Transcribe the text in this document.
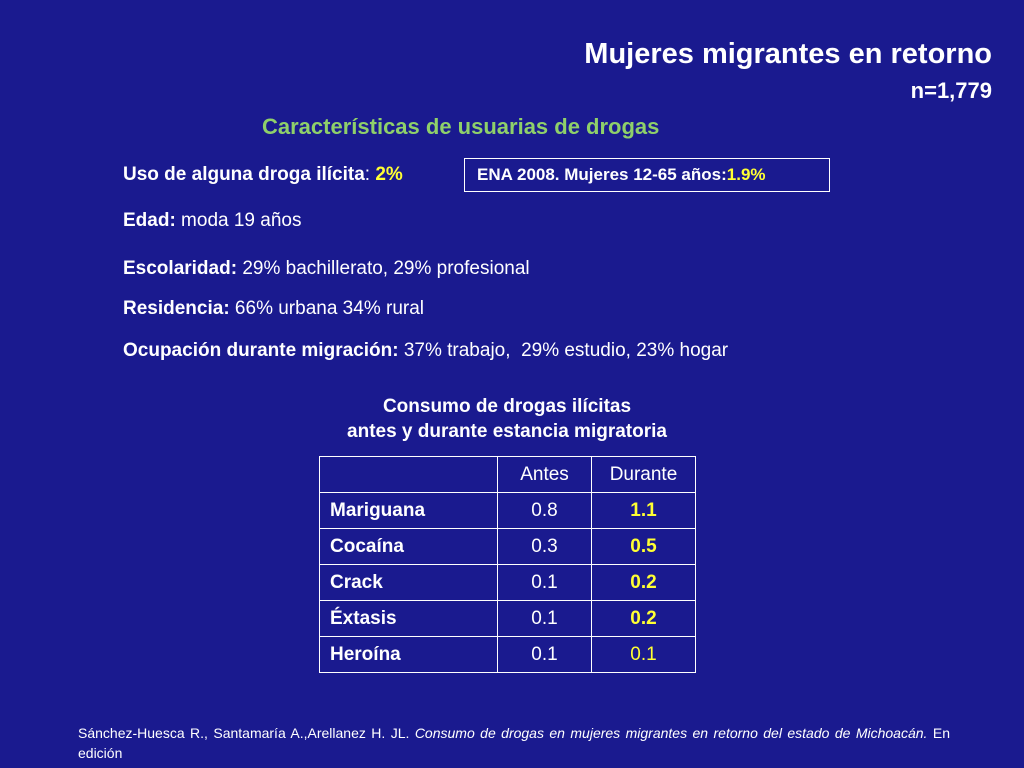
Mujeres migrantes en retorno
n=1,779
Características de usuarias de drogas
Uso de alguna droga ilícita: 2%	ENA 2008. Mujeres 12-65 años: 1.9%
Edad: moda 19 años
Escolaridad: 29% bachillerato, 29% profesional
Residencia: 66% urbana 34% rural
Ocupación durante migración: 37% trabajo,  29% estudio, 23% hogar
Consumo de drogas ilícitas
antes y durante estancia migratoria
	Antes	Durante
Mariguana	0.8	1.1
Cocaína	0.3	0.5
Crack	0.1	0.2
Éxtasis	0.1	0.2
Heroína	0.1	0.1
Sánchez-Huesca R., Santamaría A.,Arellanez H. JL. Consumo de drogas en mujeres migrantes en retorno del estado de Michoacán. En edición
